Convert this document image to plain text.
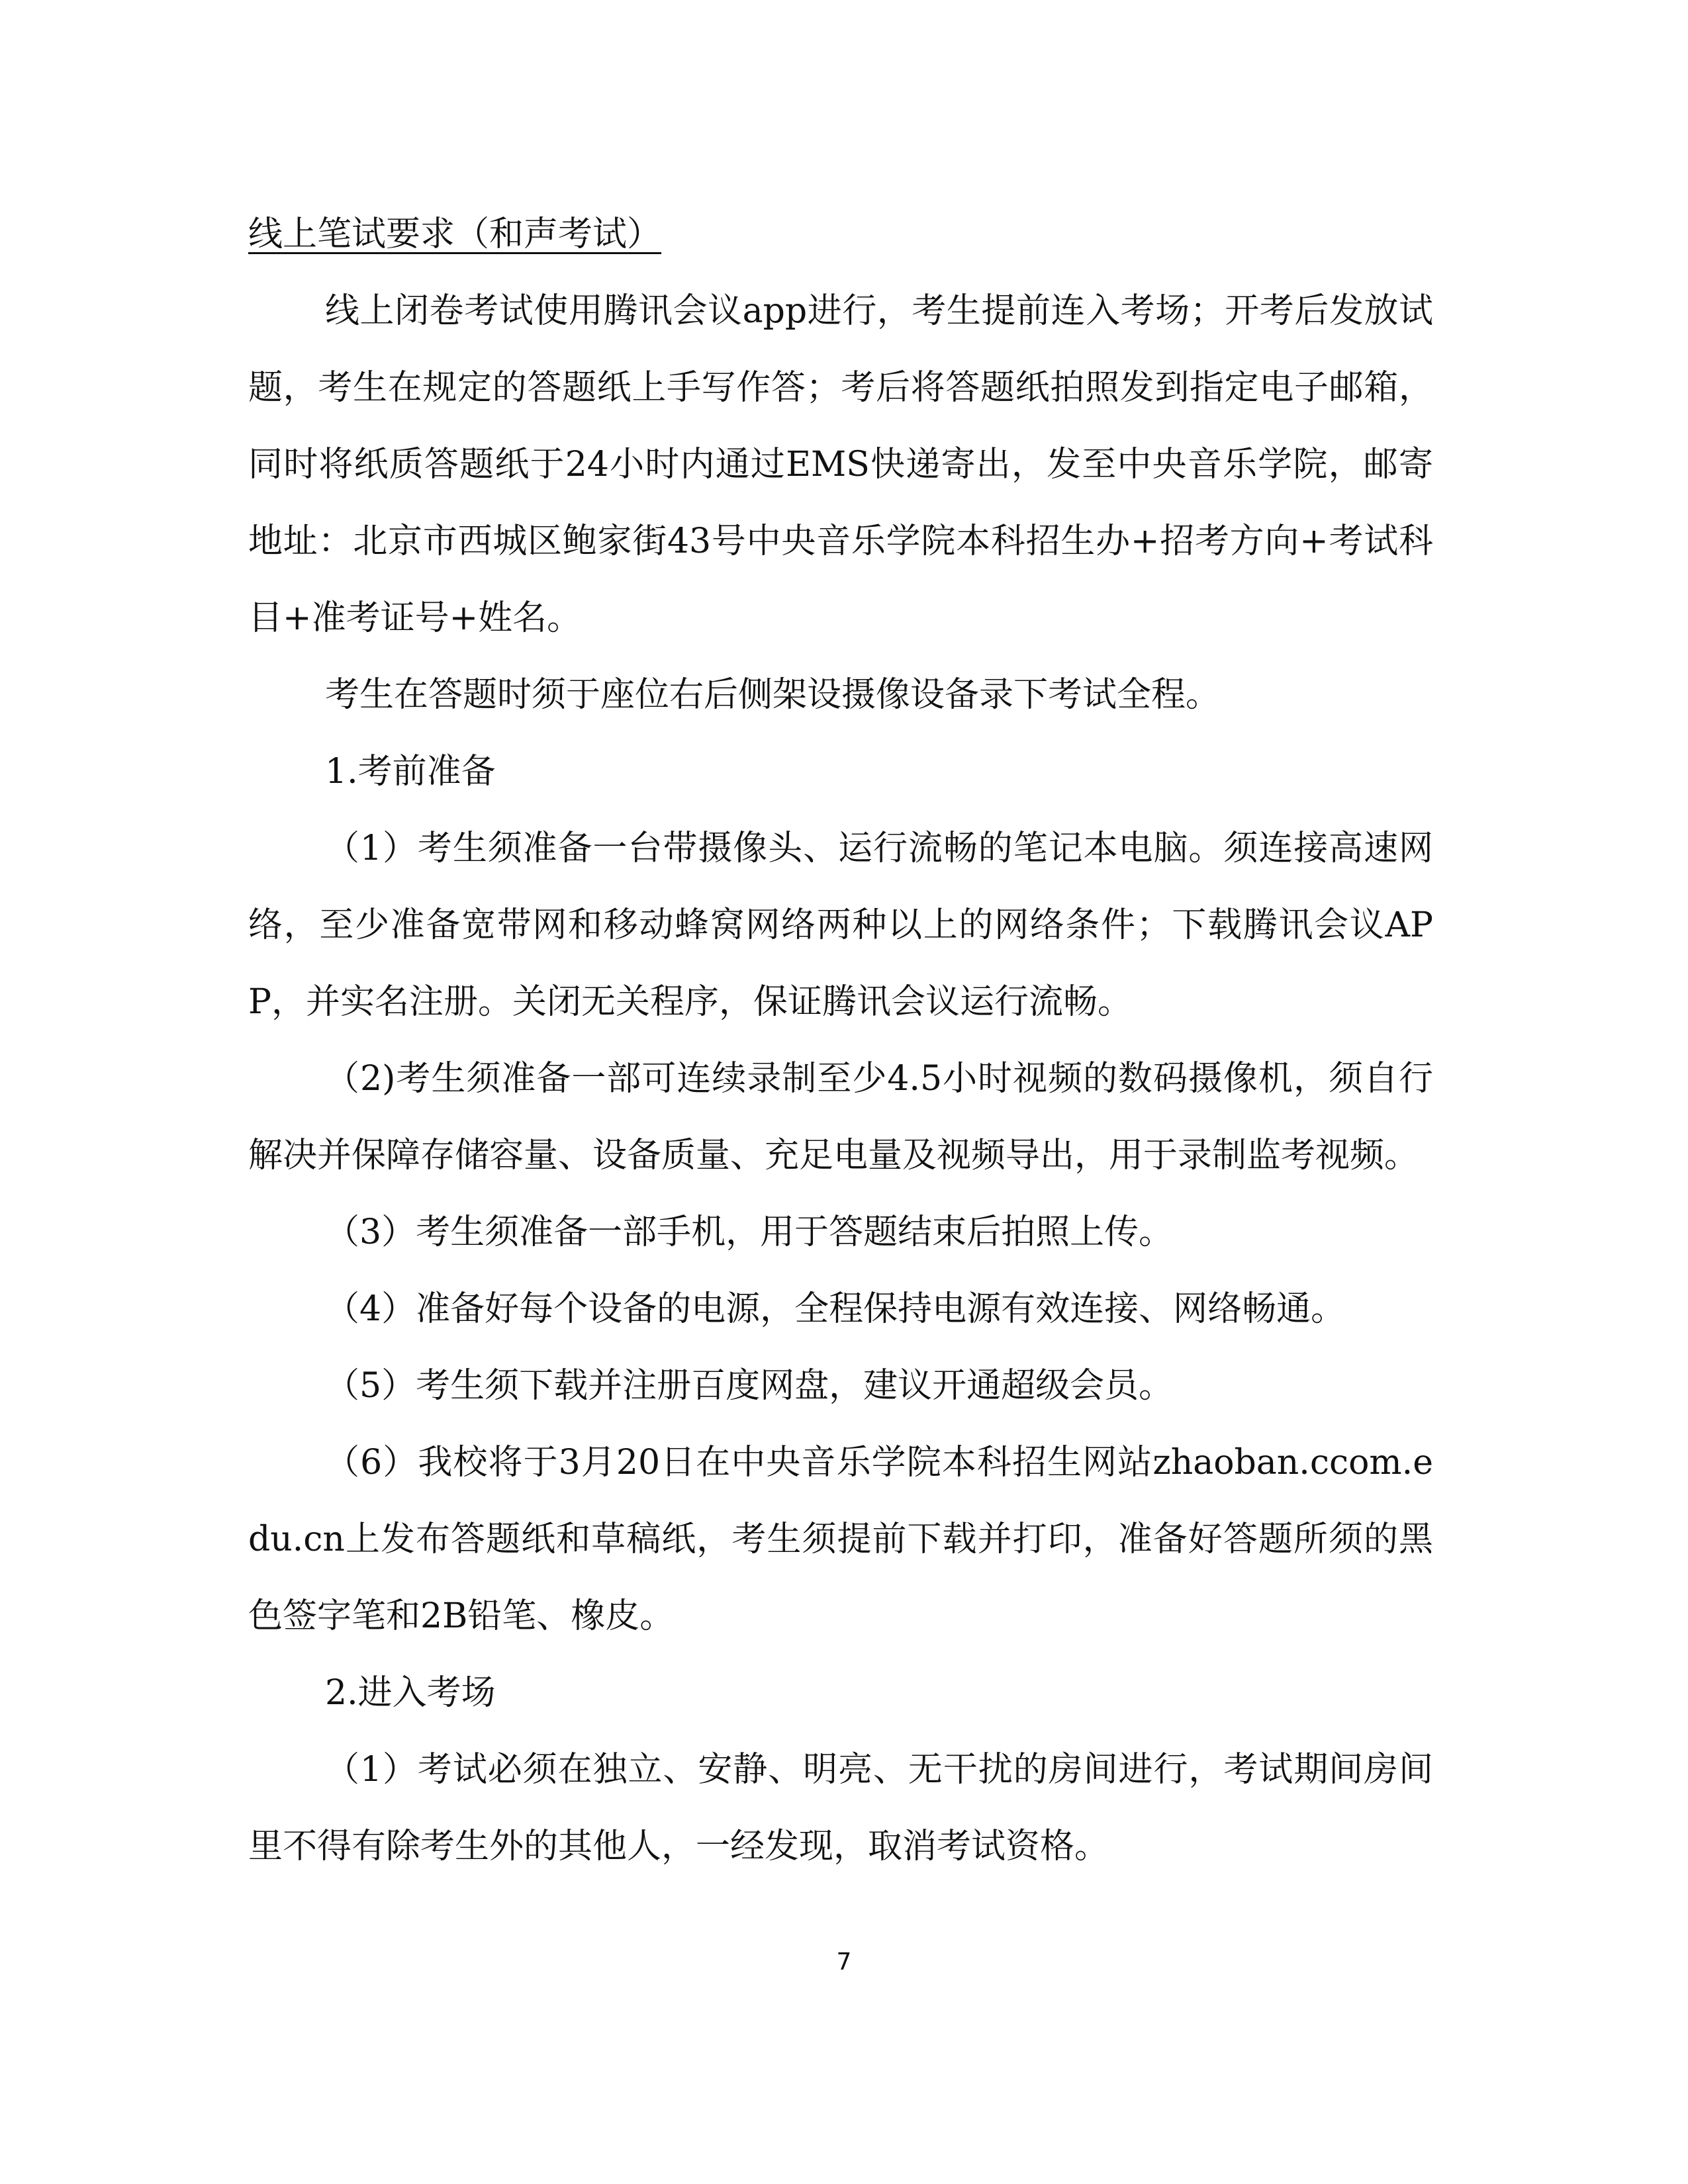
线上笔试要求（和声考试）

线上闭卷考试使用腾讯会议app进行，考生提前连入考场；开考后发放试题，考生在规定的答题纸上手写作答；考后将答题纸拍照发到指定电子邮箱，同时将纸质答题纸于24小时内通过EMS快递寄出，发至中央音乐学院，邮寄地址：北京市西城区鲍家街43号中央音乐学院本科招生办+招考方向+考试科目+准考证号+姓名。

考生在答题时须于座位右后侧架设摄像设备录下考试全程。

1.考前准备

（1）考生须准备一台带摄像头、运行流畅的笔记本电脑。须连接高速网络，至少准备宽带网和移动蜂窝网络两种以上的网络条件；下载腾讯会议APP，并实名注册。关闭无关程序，保证腾讯会议运行流畅。

（2)考生须准备一部可连续录制至少4.5小时视频的数码摄像机，须自行解决并保障存储容量、设备质量、充足电量及视频导出，用于录制监考视频。

（3）考生须准备一部手机，用于答题结束后拍照上传。

（4）准备好每个设备的电源，全程保持电源有效连接、网络畅通。

（5）考生须下载并注册百度网盘，建议开通超级会员。

（6）我校将于3月20日在中央音乐学院本科招生网站zhaoban.ccom.edu.cn上发布答题纸和草稿纸，考生须提前下载并打印，准备好答题所须的黑色签字笔和2B铅笔、橡皮。

2.进入考场

（1）考试必须在独立、安静、明亮、无干扰的房间进行，考试期间房间里不得有除考生外的其他人，一经发现，取消考试资格。

7
